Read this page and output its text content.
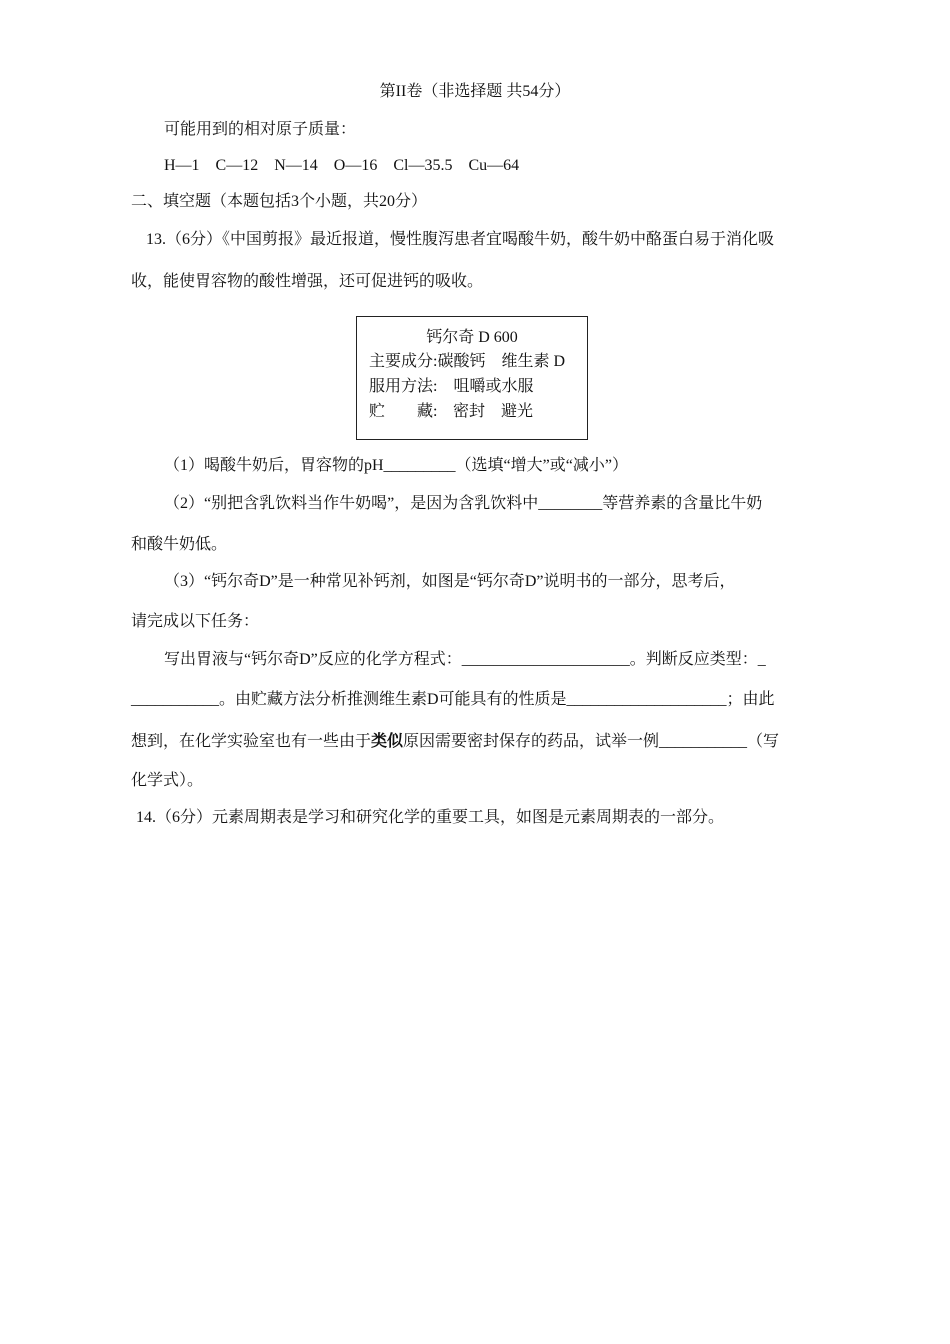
第II卷（非选择题 共54分）
可能用到的相对原子质量：
H—1　C—12　N—14　O—16　Cl—35.5　Cu—64
二、填空题（本题包括3个小题，共20分）
13.（6分）《中国剪报》最近报道，慢性腹泻患者宜喝酸牛奶，酸牛奶中酪蛋白易于消化吸
收，能使胃容物的酸性增强，还可促进钙的吸收。
钙尔奇 D 600
主要成分:碳酸钙　维生素 D
服用方法:　咀嚼或水服
贮　　藏: 密封　避光
（1）喝酸牛奶后，胃容物的pH_________（选填“增大”或“减小”）
（2）“别把含乳饮料当作牛奶喝”，是因为含乳饮料中________等营养素的含量比牛奶
和酸牛奶低。
（3）“钙尔奇D”是一种常见补钙剂，如图是“钙尔奇D”说明书的一部分，思考后，
请完成以下任务：
写出胃液与“钙尔奇D”反应的化学方程式：_____________________。判断反应类型：_
___________。由贮藏方法分析推测维生素D可能具有的性质是____________________；由此
想到，在化学实验室也有一些由于类似原因需要密封保存的药品，试举一例___________（写
化学式）。
14.（6分）元素周期表是学习和研究化学的重要工具，如图是元素周期表的一部分。
